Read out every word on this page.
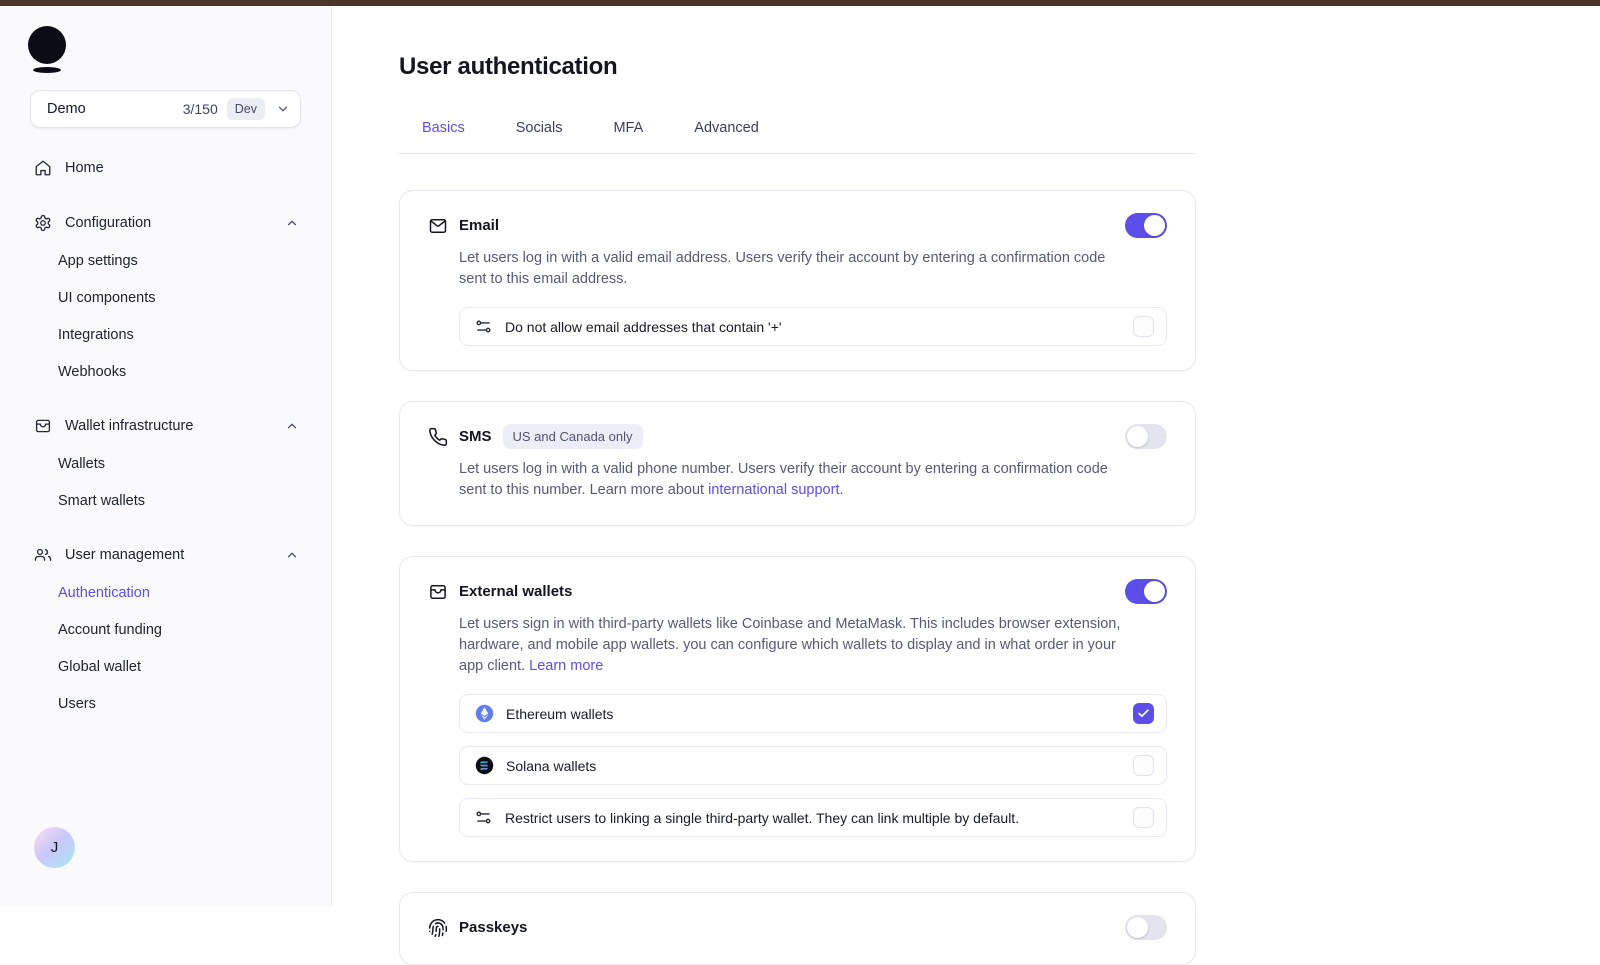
Demo	3/150	Dev
Home
Configuration
App settings
UI components
Integrations
Webhooks
Wallet infrastructure
Wallets
Smart wallets
User management
Authentication
Account funding
Global wallet
Users
J
User authentication
Basics	Socials	MFA	Advanced
Email

Let users log in with a valid email address. Users verify their account by entering a confirmation code sent to this email address.

Do not allow email addresses that contain '+'
SMS	US and Canada only

Let users log in with a valid phone number. Users verify their account by entering a confirmation code sent to this number. Learn more about international support.

External wallets

Let users sign in with third-party wallets like Coinbase and MetaMask. This includes browser extension, hardware, and mobile app wallets. you can configure which wallets to display and in what order in your app client. Learn more

Ethereum wallets
Solana wallets
Restrict users to linking a single third-party wallet. They can link multiple by default.
Passkeys
